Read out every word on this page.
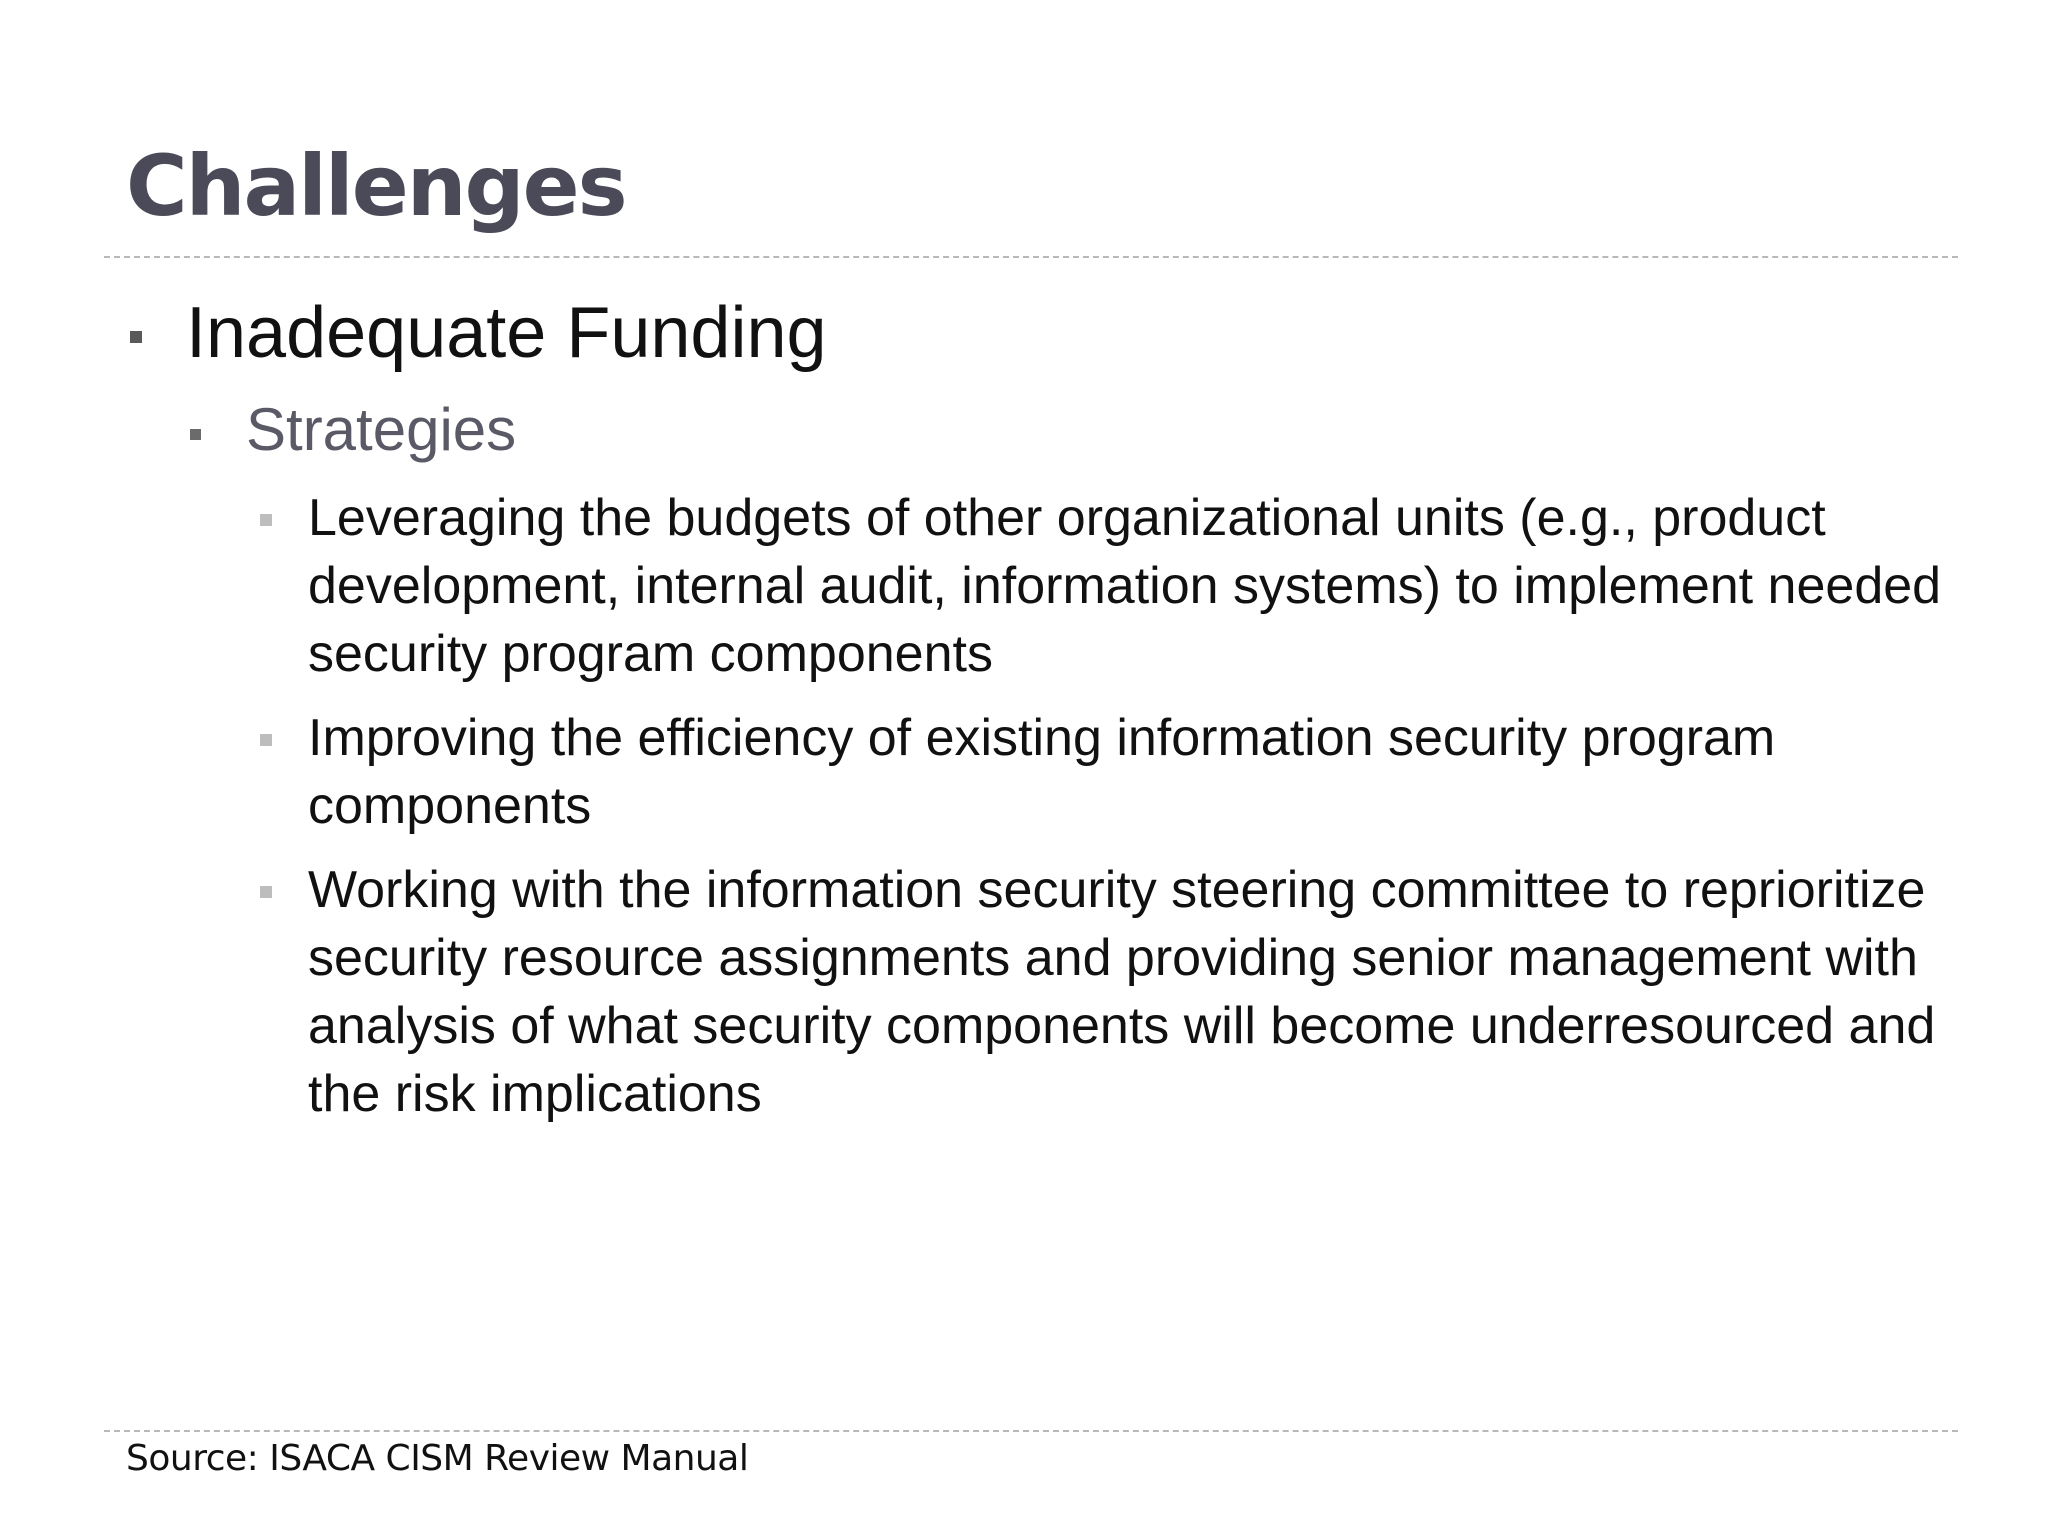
Challenges
Inadequate Funding
Strategies
Leveraging the budgets of other organizational units (e.g., product development, internal audit, information systems) to implement needed security program components
Improving the efficiency of existing information security program components
Working with the information security steering committee to reprioritize security resource assignments and providing senior management with analysis of what security components will become underresourced and the risk implications
Source: ISACA CISM Review Manual
